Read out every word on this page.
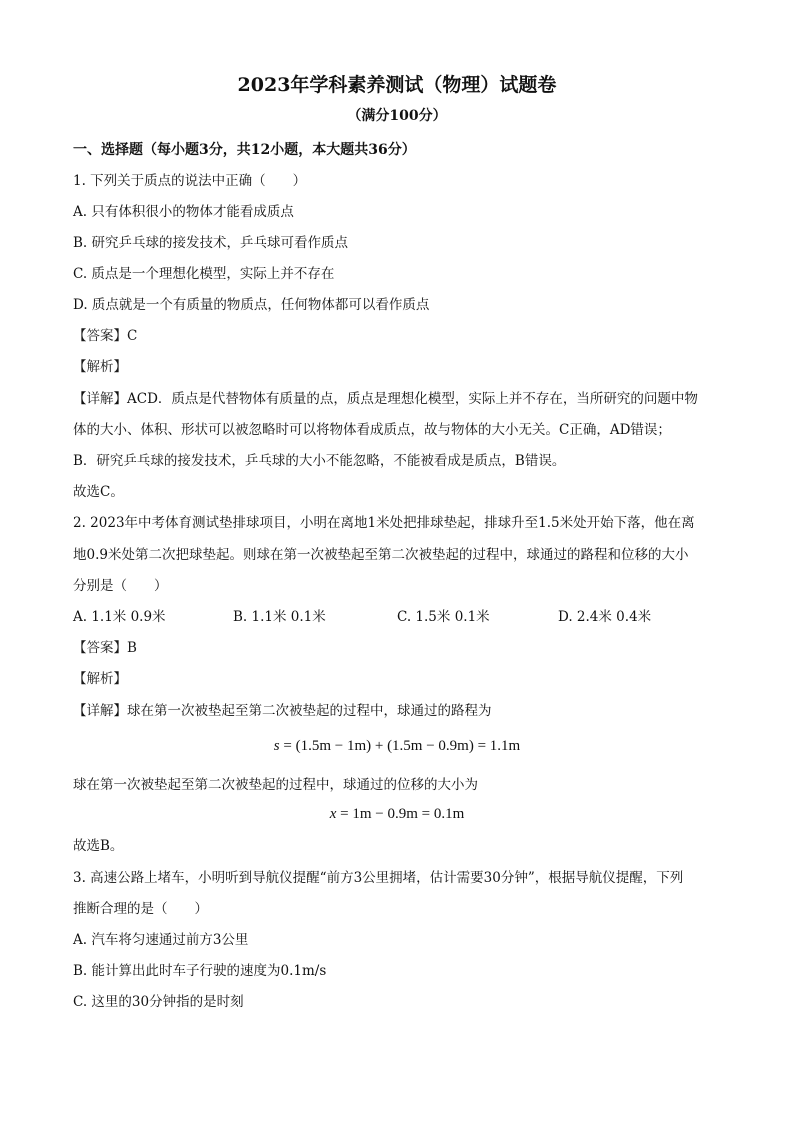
2023年学科素养测试（物理）试题卷
（满分100分）
一、选择题（每小题3分，共12小题，本大题共36分）
1. 下列关于质点的说法中正确（　　）
A. 只有体积很小的物体才能看成质点
B. 研究乒乓球的接发技术，乒乓球可看作质点
C. 质点是一个理想化模型，实际上并不存在
D. 质点就是一个有质量的物质点，任何物体都可以看作质点
【答案】C
【解析】
【详解】ACD．质点是代替物体有质量的点，质点是理想化模型，实际上并不存在，当所研究的问题中物
体的大小、体积、形状可以被忽略时可以将物体看成质点，故与物体的大小无关。C正确，AD错误；
B．研究乒乓球的接发技术，乒乓球的大小不能忽略，不能被看成是质点，B错误。
故选C。
2. 2023年中考体育测试垫排球项目，小明在离地1米处把排球垫起，排球升至1.5米处开始下落，他在离
地0.9米处第二次把球垫起。则球在第一次被垫起至第二次被垫起的过程中，球通过的路程和位移的大小
分别是（　　）
A. 1.1米 0.9米	B. 1.1米 0.1米	C. 1.5米 0.1米	D. 2.4米 0.4米
【答案】B
【解析】
【详解】球在第一次被垫起至第二次被垫起的过程中，球通过的路程为
s = (1.5m − 1m) + (1.5m − 0.9m) = 1.1m
球在第一次被垫起至第二次被垫起的过程中，球通过的位移的大小为
x = 1m − 0.9m = 0.1m
故选B。
3. 高速公路上堵车，小明听到导航仪提醒“前方3公里拥堵，估计需要30分钟”，根据导航仪提醒，下列
推断合理的是（　　）
A. 汽车将匀速通过前方3公里
B. 能计算出此时车子行驶的速度为0.1m/s
C. 这里的30分钟指的是时刻
